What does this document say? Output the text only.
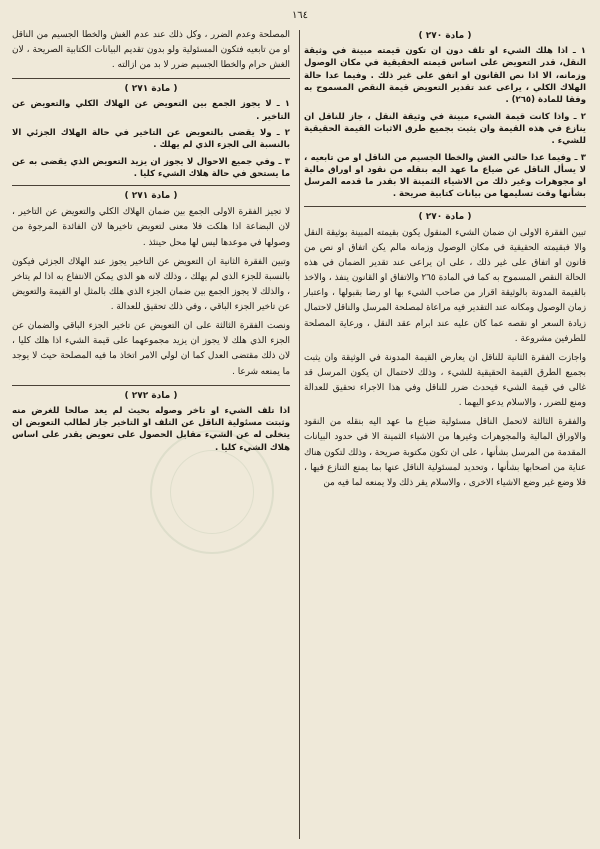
١٦٤
( مادة ٢٧٠ )

١ ـ اذا هلك الشيء او تلف دون ان تكون قيمته مبينة في وثيقة النقل، قدر التعويض على اساس قيمته الحقيقية في مكان الوصول وزمانه، الا اذا نص القانون او اتفق على غير ذلك . وفيما عدا حالة الهلاك الكلي ، يراعى عند تقدير التعويض قيمة النقص المسموح به وفقا للمادة (٢٦٥) .

٢ ـ واذا كانت قيمة الشيء مبينة في وثيقة النقل ، جاز للناقل ان ينازع في هذه القيمة وان يثبت بجميع طرق الاثبات القيمة الحقيقية للشيء .

٣ ـ وفيما عدا حالتي الغش والخطا الجسيم من الناقل او من تابعيه ، لا يسأل الناقل عن ضياع ما عهد اليه بنقله من نقود او اوراق مالية او مجوهرات وغير ذلك من الاشياء الثمينة الا بقدر ما قدمه المرسل بشأنها وقت تسليمها من بيانات كتابية صريحة .

( مادة ٢٧٠ )

تبين الفقرة الاولى ان ضمان الشيء المنقول يكون بقيمته المبينة بوثيقة النقل والا فبقيمته الحقيقية في مكان الوصول وزمانه مالم يكن اتفاق او نص من قانون او اتفاق على غير ذلك ، على ان يراعى عند تقدير الضمان في هذه الحالة النقص المسموح به كما في المادة ٢٦٥ والاتفاق او القانون ينفذ ، والاخذ بالقيمة المدونة بالوثيقة اقرار من صاحب الشيء بها او رضا بقبولها ، واعتبار زمان الوصول ومكانه عند التقدير فيه مراعاة لمصلحة المرسل والناقل لاحتمال زيادة السعر او نقصه عما كان عليه عند ابرام عقد النقل ، ورعاية المصلحة للطرفين مشروعة .

واجازت الفقرة الثانية للناقل ان يعارض القيمة المدونة في الوثيقة وان يثبت بجميع الطرق القيمة الحقيقية للشيء ، وذلك لاحتمال ان يكون المرسل قد غالى في قيمة الشيء فيحدث ضرر للناقل وفي هذا الاجراء تحقيق للعدالة ومنع للضرر ، والاسلام يدعو اليهما .

والفقرة الثالثة لاتحمل الناقل مسئولية ضياع ما عهد اليه بنقله من النقود والاوراق المالية والمجوهرات وغيرها من الاشياء الثمينة الا في حدود البيانات المقدمة من المرسل بشأنها ، على ان تكون مكتوبة صريحة ، وذلك لتكون هناك عناية من اصحابها بشأنها ، وتحديد لمسئولية الناقل عنها بما يمنع التنازع فيها ، فلا وضع غير وضع الاشياء الاخرى ، والاسلام يقر ذلك ولا يمنعه لما فيه من

المصلحة وعدم الضرر ، وكل ذلك عند عدم الغش والخطا الجسيم من الناقل او من تابعيه فتكون المسئولية ولو بدون تقديم البيانات الكتابية الصريحة ، لان الغش حرام والخطا الجسيم ضرر لا بد من ازالته .

( مادة ٢٧١ )

١ ـ لا يجوز الجمع بين التعويض عن الهلاك الكلي والتعويض عن التاخير .

٢ ـ ولا يقضى بالتعويض عن التاخير في حالة الهلاك الجزئي الا بالنسبة الى الجزء الذي لم يهلك .

٣ ـ وفي جميع الاحوال لا يجوز ان يزيد التعويض الذي يقضى به عن ما يستحق في حالة هلاك الشيء كليا .

( مادة ٢٧١ )

لا تجيز الفقرة الاولى الجمع بين ضمان الهلاك الكلي والتعويض عن التاخير ، لان البضاعة اذا هلكت فلا معنى لتعويض تاخيرها لان الفائدة المرجوة من وصولها في موعدها ليس لها محل حينئذ .

وتبين الفقرة الثانية ان التعويض عن التاخير يجوز عند الهلاك الجزئي فيكون بالنسبة للجزء الذي لم يهلك ، وذلك لانه هو الذي يمكن الانتفاع به اذا لم يتاخر ، والذلك لا يجوز الجمع بين ضمان الجزء الذي هلك بالمثل او القيمة والتعويض عن تاخير الجزء الباقي ، وفي ذلك تحقيق للعدالة .

ونصت الفقرة الثالثة على ان التعويض عن تاخير الجزء الباقي والضمان عن الجزء الذي هلك لا يجوز ان يزيد مجموعهما على قيمة الشيء اذا هلك كليا ، لان ذلك مقتضى العدل كما ان لولي الامر اتخاذ ما فيه المصلحة حيث لا يوجد ما يمنعه شرعا .

( مادة ٢٧٢ )

اذا تلف الشيء او تاخر وصوله بحيث لم يعد صالحا للغرض منه وثبتت مسئولية الناقل عن التلف او التاخير جاز لطالب التعويض ان يتخلى له عن الشيء مقابل الحصول على تعويض يقدر على اساس هلاك الشيء كليا .
